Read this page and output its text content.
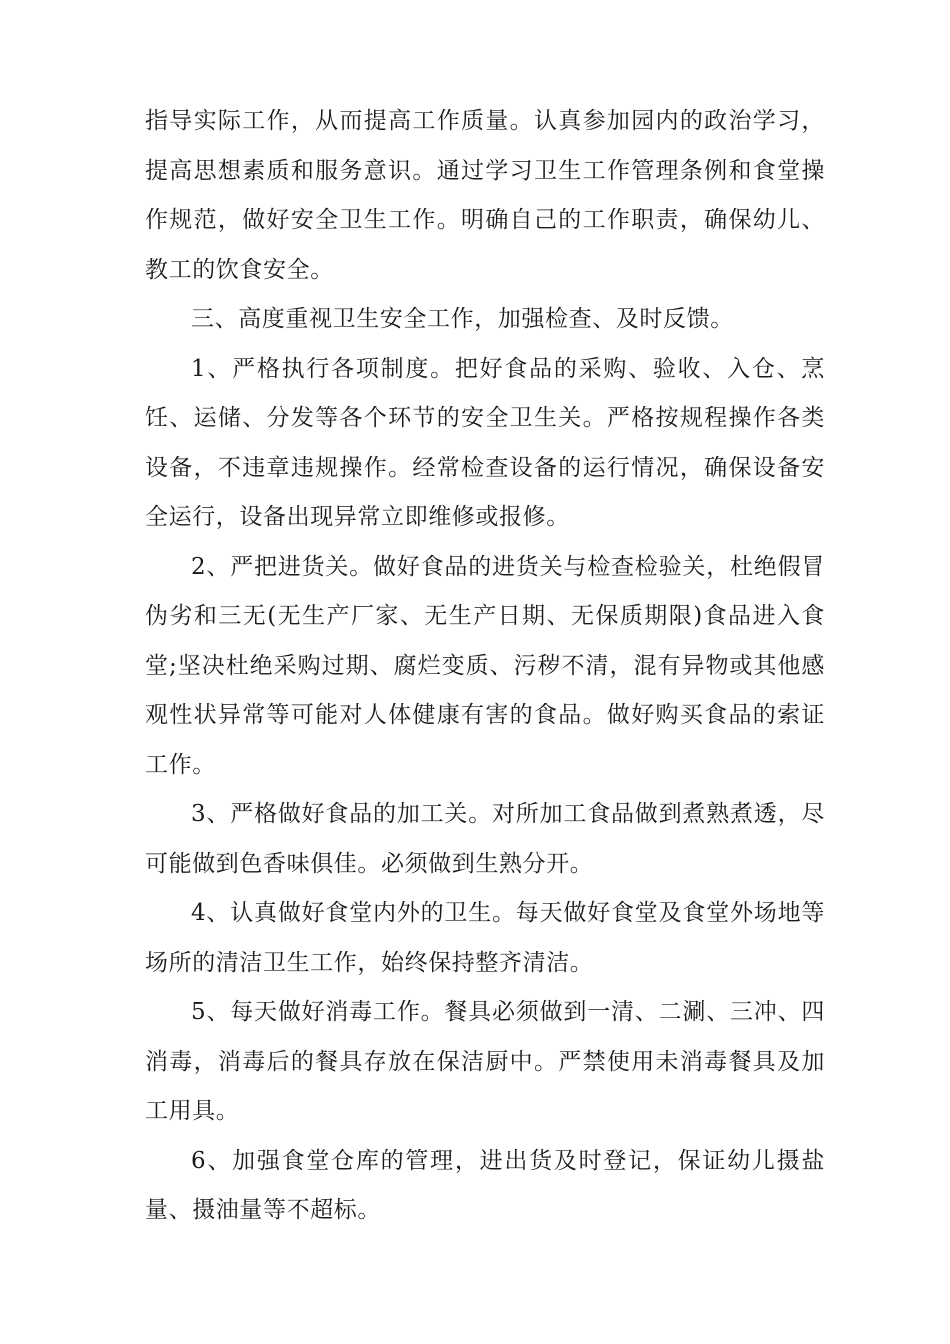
指导实际工作，从而提高工作质量。认真参加园内的政治学习，提高思想素质和服务意识。通过学习卫生工作管理条例和食堂操作规范，做好安全卫生工作。明确自己的工作职责，确保幼儿、教工的饮食安全。

三、高度重视卫生安全工作，加强检查、及时反馈。

1、严格执行各项制度。把好食品的采购、验收、入仓、烹饪、运储、分发等各个环节的安全卫生关。严格按规程操作各类设备，不违章违规操作。经常检查设备的运行情况，确保设备安全运行，设备出现异常立即维修或报修。

2、严把进货关。做好食品的进货关与检查检验关，杜绝假冒伪劣和三无(无生产厂家、无生产日期、无保质期限)食品进入食堂;坚决杜绝采购过期、腐烂变质、污秽不清，混有异物或其他感观性状异常等可能对人体健康有害的食品。做好购买食品的索证工作。

3、严格做好食品的加工关。对所加工食品做到煮熟煮透，尽可能做到色香味俱佳。必须做到生熟分开。

4、认真做好食堂内外的卫生。每天做好食堂及食堂外场地等场所的清洁卫生工作，始终保持整齐清洁。

5、每天做好消毒工作。餐具必须做到一清、二涮、三冲、四消毒，消毒后的餐具存放在保洁厨中。严禁使用未消毒餐具及加工用具。

6、加强食堂仓库的管理，进出货及时登记，保证幼儿摄盐量、摄油量等不超标。
